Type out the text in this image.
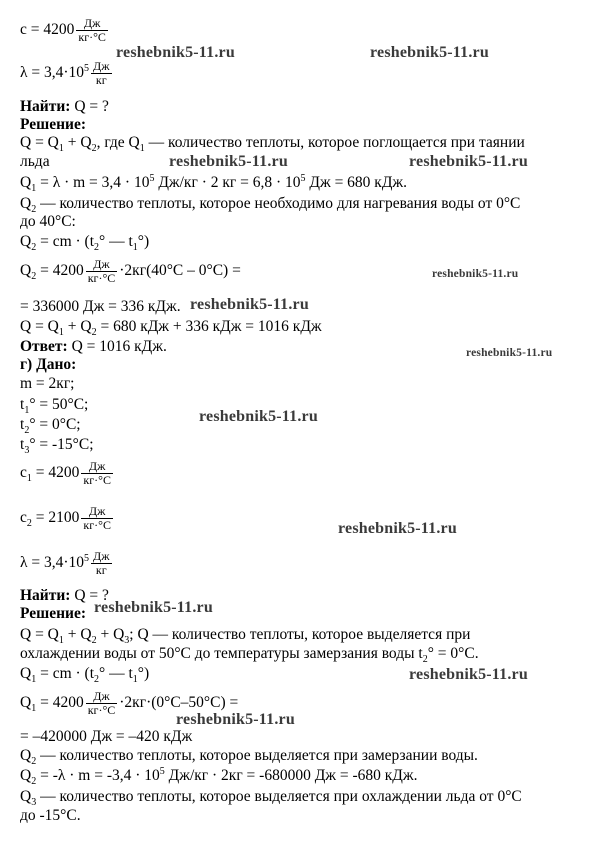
c = 4200 Дж
кг·°C
reshebnik5-11.ru	reshebnik5-11.ru
$\lambda = 3,4\cdot 10^5$ Дж
кг
Найти: Q = ?
Решение:
$Q = Q_1 + Q_2$, где $Q_1$ — количество теплоты, которое поглощается при таянии
льда	reshebnik5-11.ru	reshebnik5-11.ru
$Q_1 = \lambda \cdot m = 3,4 \cdot 10^5$ Дж/кг · 2 кг = $6,8 \cdot 10^5$ Дж = 680 кДж.
$Q_2$ — количество теплоты, которое необходимо для нагревания воды от 0°C
до 40°C:
$Q_2$ = cm · ($t_2^\circ$ — $t_1^\circ$)
$Q_2 = 4200$ Дж
кг·°C ·2кг(40°C – 0°C) =	reshebnik5-11.ru
= 336000 Дж = 336 кДж. reshebnik5-11.ru
$Q = Q_1 + Q_2 = 680$ кДж + 336 кДж = 1016 кДж
Ответ: Q = 1016 кДж.	reshebnik5-11.ru
г) Дано:
m = 2кг;
$t_1^\circ = 50^\circ C$;
reshebnik5-11.ru
$t_2^\circ = 0^\circ C$;
$t_3^\circ = -15^\circ C$;
$c_1 = 4200$ Дж
кг·°C
$c_2 = 2100$ Дж
кг·°C	reshebnik5-11.ru
$\lambda = 3,4\cdot 10^5$ Дж
кг
Найти: Q = ?
Решение: reshebnik5-11.ru
$Q = Q_1 + Q_2 + Q_3$; Q — количество теплоты, которое выделяется при
охлаждении воды от 50°C до температуры замерзания воды $t_2^\circ = 0^\circ C$.
$Q_1$ = cm · ($t_2^\circ$ — $t_1^\circ$)	reshebnik5-11.ru
$Q_1 = 4200$ Дж
кг·°C ·2кг·(0°C–50°C) =
reshebnik5-11.ru
= –420000 Дж = –420 кДж
$Q_2$ — количество теплоты, которое выделяется при замерзании воды.
$Q_2 = -\lambda \cdot m = -3,4 \cdot 10^5$ Дж/кг · 2кг = -680000 Дж = -680 кДж.
$Q_3$ — количество теплоты, которое выделяется при охлаждении льда от 0°C
до -15°C.
